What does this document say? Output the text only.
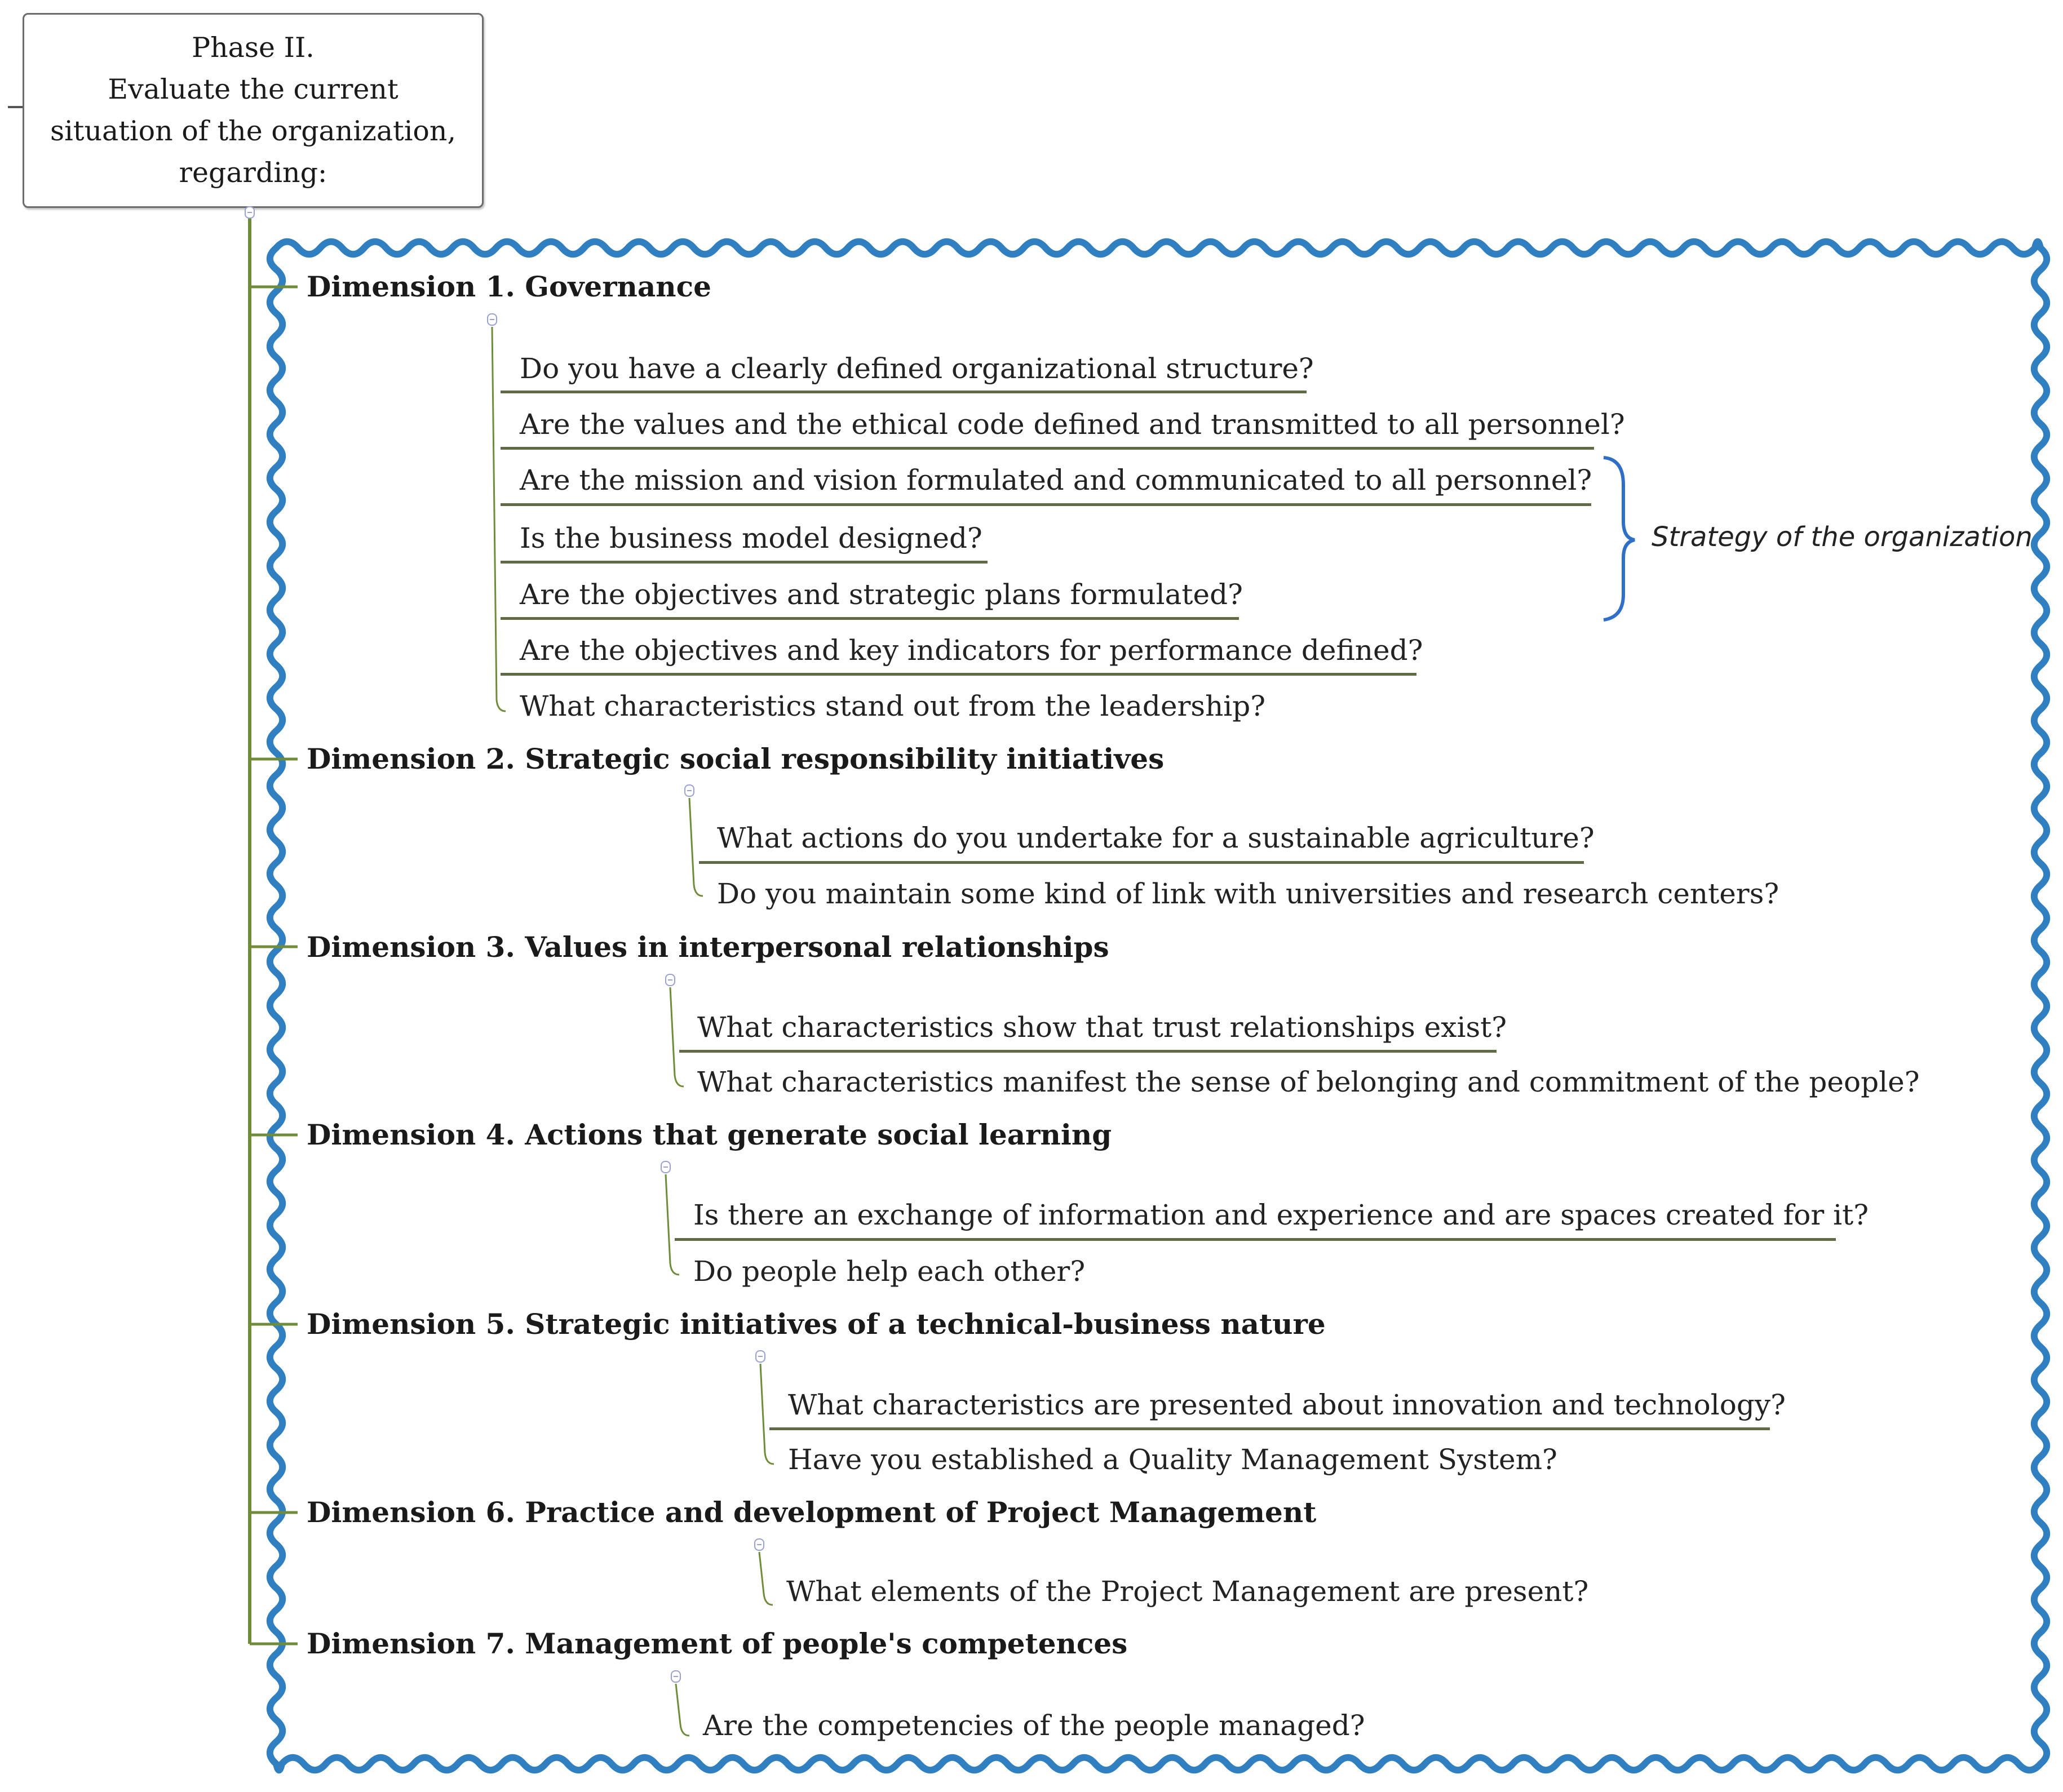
Phase II.
Evaluate the current
situation of the organization,
regarding:
Dimension 1. Governance
Do you have a clearly defined organizational structure?
Are the values and the ethical code defined and transmitted to all personnel?
Are the mission and vision formulated and communicated to all personnel?
Is the business model designed?
Are the objectives and strategic plans formulated?
Are the objectives and key indicators for performance defined?
What characteristics stand out from the leadership?
Strategy of the organization
Dimension 2. Strategic social responsibility initiatives
What actions do you undertake for a sustainable agriculture?
Do you maintain some kind of link with universities and research centers?
Dimension 3. Values in interpersonal relationships
What characteristics show that trust relationships exist?
What characteristics manifest the sense of belonging and commitment of the people?
Dimension 4. Actions that generate social learning
Is there an exchange of information and experience and are spaces created for it?
Do people help each other?
Dimension 5. Strategic initiatives of a technical-business nature
What characteristics are presented about innovation and technology?
Have you established a Quality Management System?
Dimension 6. Practice and development of Project Management
What elements of the Project Management are present?
Dimension 7. Management of people's competences
Are the competencies of the people managed?
